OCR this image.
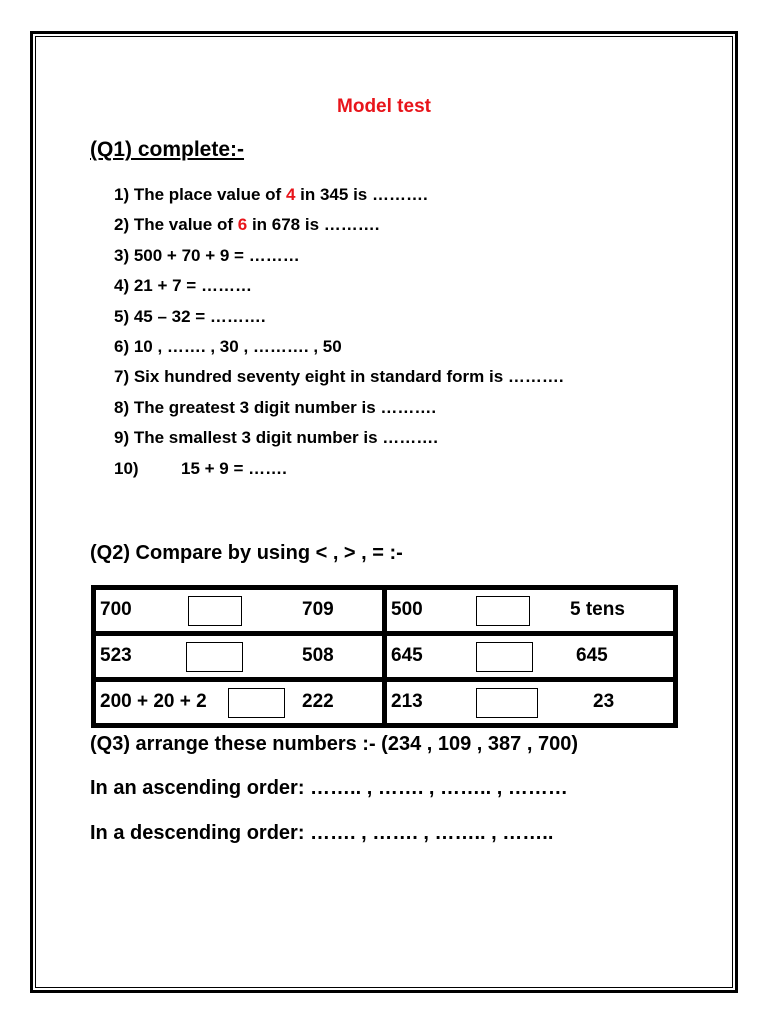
Model test
(Q1) complete:-
1) The place value of 4 in 345 is ……….
2) The value of 6 in 678 is ……….
3) 500 + 70 + 9 = ………
4) 21 + 7 = ………
5) 45 – 32 = ……….
6) 10 , ……. , 30 , ………. , 50
7) Six hundred seventy eight in standard form is ……….
8) The greatest 3 digit number is ……….
9) The smallest 3 digit number is ……….
10) 15 + 9 = …….
(Q2) Compare by using < , > , = :-
700	709	500	5 tens
523	508	645	645
200 + 20 + 2	222	213	23
(Q3) arrange these numbers :- (234 , 109 , 387 , 700)
In an ascending order: …….. , ……. , …….. , ………
In a descending order: ……. , ……. , …….. , ……..
